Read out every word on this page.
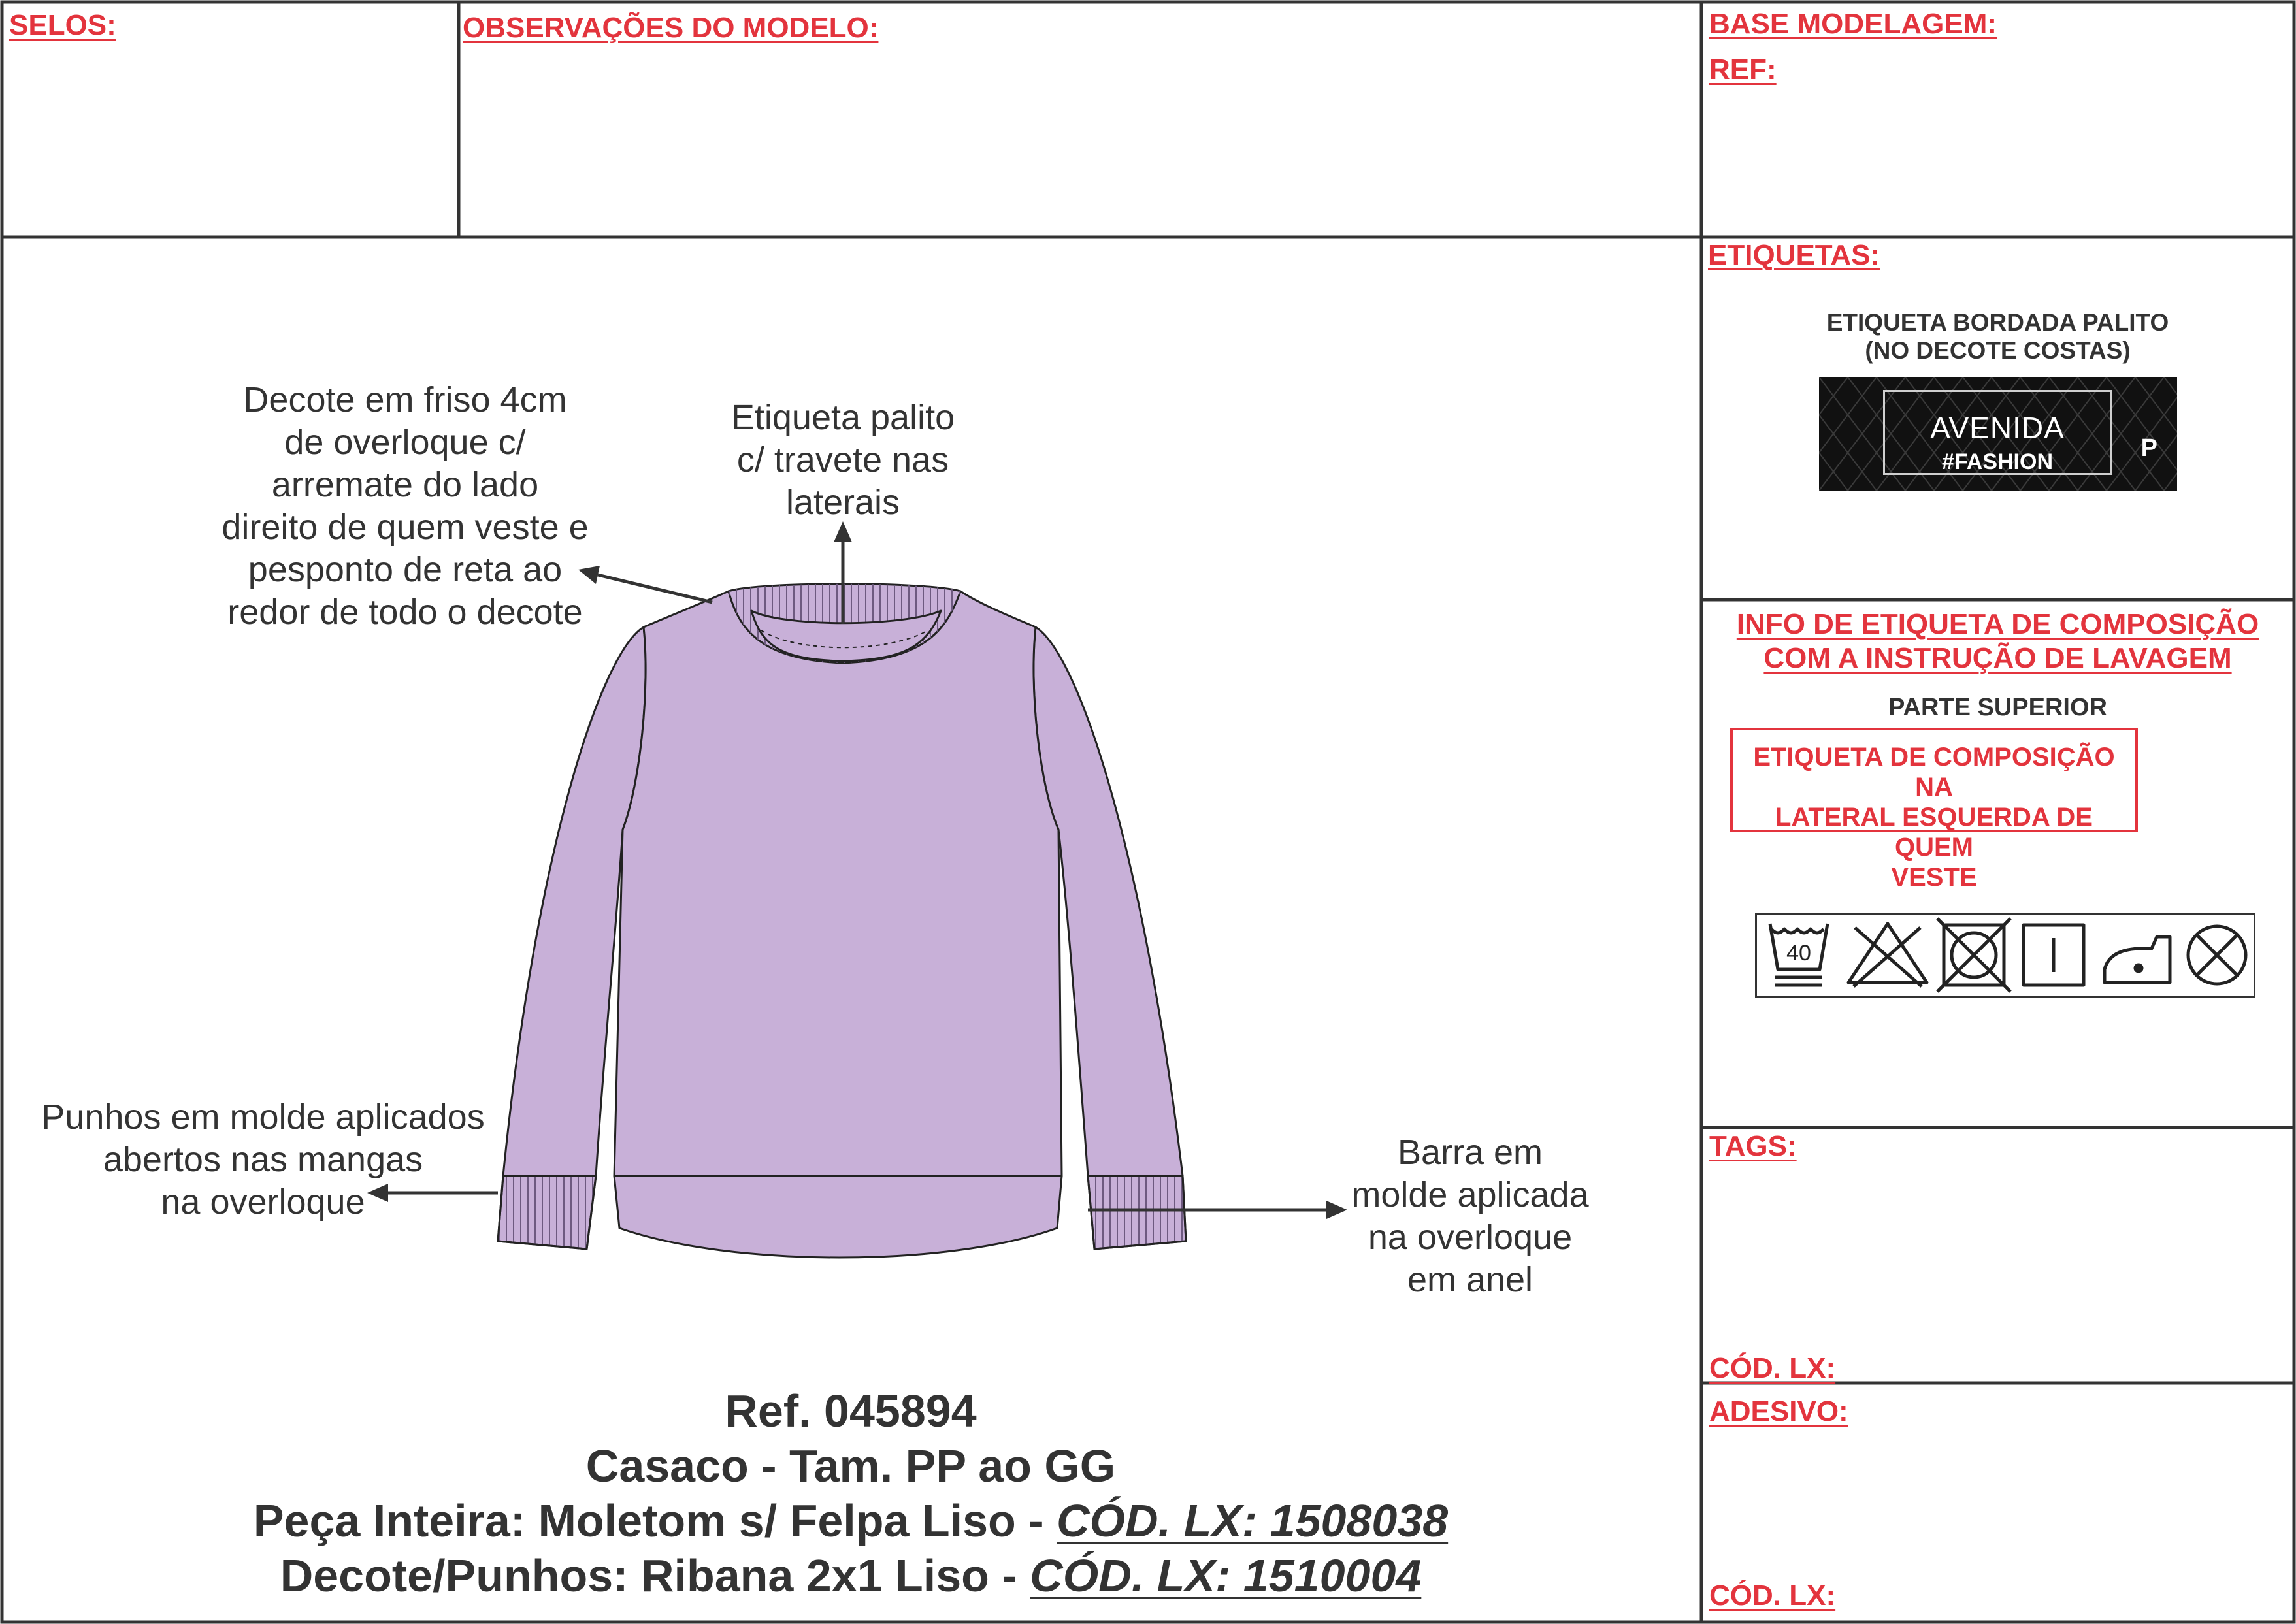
SELOS:	OBSERVAÇÕES DO MODELO:	BASE MODELAGEM:
REF:
ETIQUETAS:
TAGS:
CÓD. LX:
ADESIVO:
CÓD. LX:
ETIQUETA BORDADA PALITO
(NO DECOTE COSTAS)
AVENIDA
#FASHION	P
INFO DE ETIQUETA DE COMPOSIÇÃO
COM A INSTRUÇÃO DE LAVAGEM
PARTE SUPERIOR
ETIQUETA DE COMPOSIÇÃO NA
LATERAL ESQUERDA DE QUEM
VESTE
40
Decote em friso 4cm
de overloque c/
arremate do lado
direito de quem veste e
pesponto de reta ao
redor de todo o decote
Etiqueta palito
c/ travete nas
laterais
Punhos em molde aplicados
abertos nas mangas
na overloque
Barra em
molde aplicada
na overloque
em anel
Ref. 045894
Casaco - Tam. PP ao GG
Peça Inteira: Moletom s/ Felpa Liso - CÓD. LX: 1508038
Decote/Punhos: Ribana 2x1 Liso - CÓD. LX: 1510004
